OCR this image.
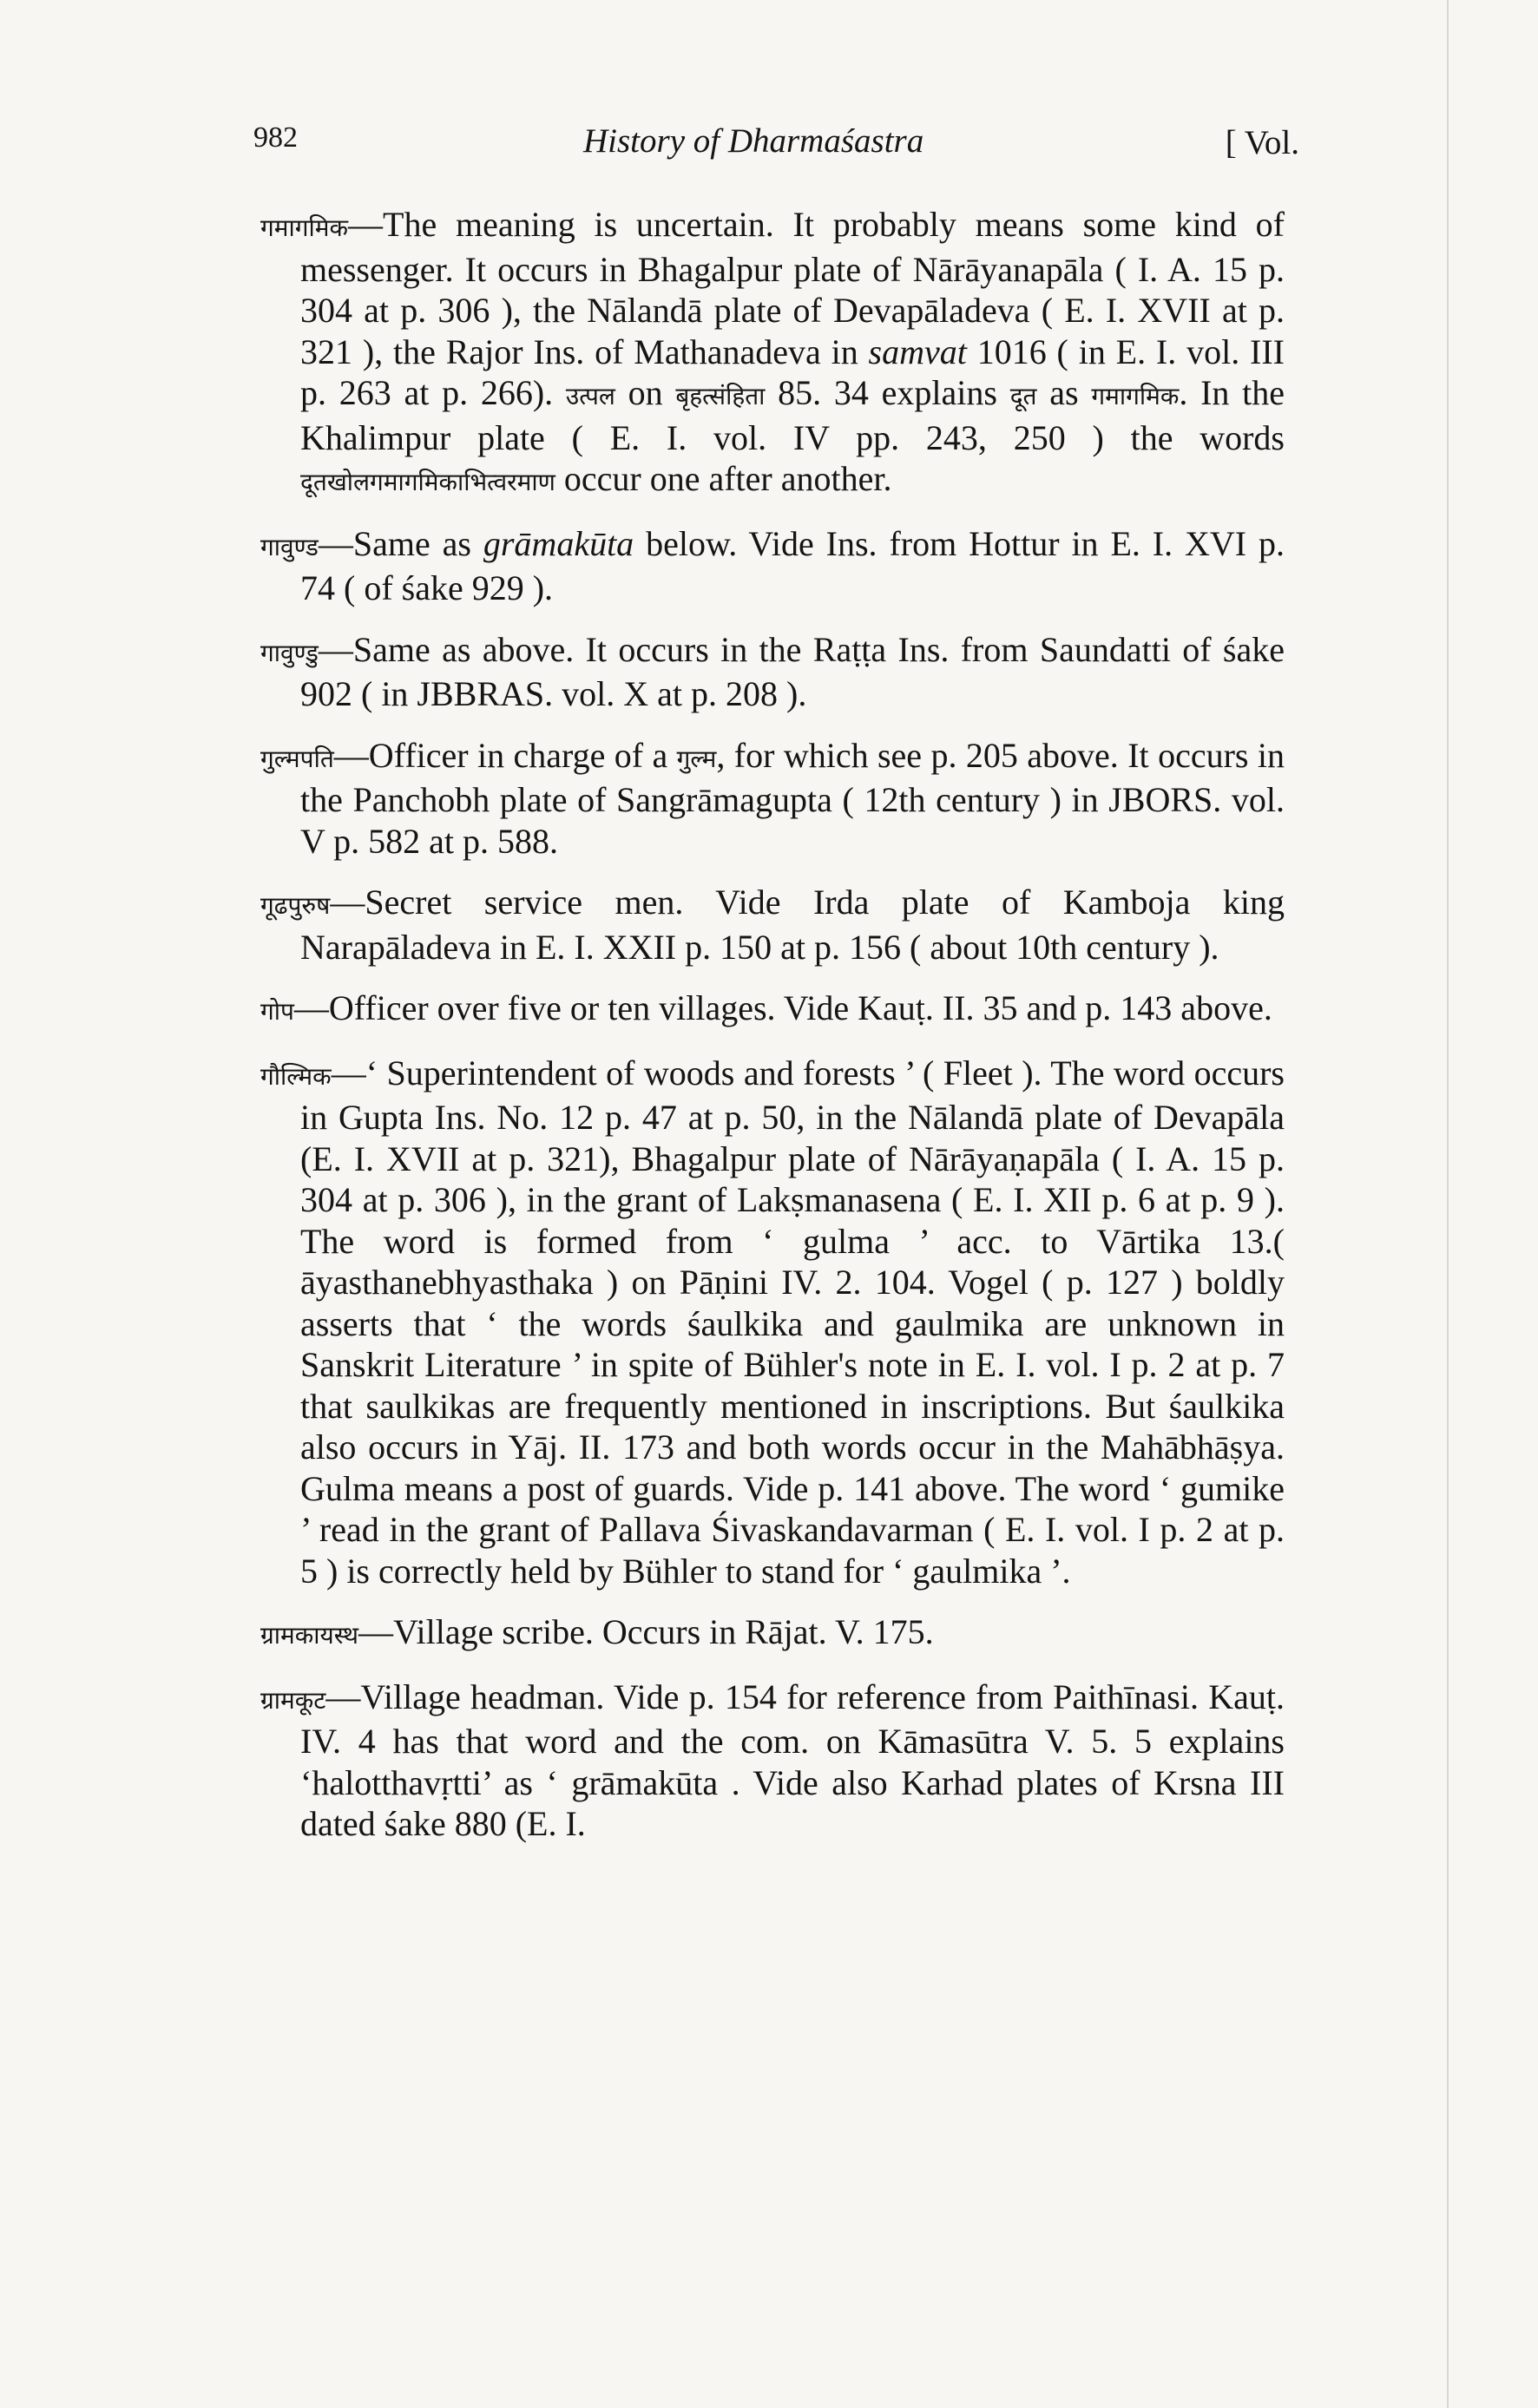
982	History of Dharmaśastra	[ Vol.

गमागमिक—The meaning is uncertain. It probably means some kind of messenger. It occurs in Bhagalpur plate of Nārāyanapāla ( I. A. 15 p. 304 at p. 306 ), the Nālandā plate of Devapāladeva ( E. I. XVII at p. 321 ), the Rajor Ins. of Mathanadeva in samvat 1016 ( in E. I. vol. III p. 263 at p. 266). उत्पल on बृहत्संहिता 85. 34 explains दूत as गमागमिक. In the Khalimpur plate ( E. I. vol. IV pp. 243, 250 ) the words दूतखोलगमागमिकाभित्वरमाण occur one after another.

गावुण्ड—Same as grāmakūta below. Vide Ins. from Hottur in E. I. XVI p. 74 ( of śake 929 ).

गावुण्डु—Same as above. It occurs in the Raṭṭa Ins. from Saundatti of śake 902 ( in JBBRAS. vol. X at p. 208 ).

गुल्मपति—Officer in charge of a गुल्म, for which see p. 205 above. It occurs in the Panchobh plate of Sangrāmagupta ( 12th century ) in JBORS. vol. V p. 582 at p. 588.

गूढपुरुष—Secret service men. Vide Irda plate of Kamboja king Narapāladeva in E. I. XXII p. 150 at p. 156 ( about 10th century ).

गोप—Officer over five or ten villages. Vide Kauṭ. II. 35 and p. 143 above.

गौल्मिक—‘ Superintendent of woods and forests ’ ( Fleet ). The word occurs in Gupta Ins. No. 12 p. 47 at p. 50, in the Nālandā plate of Devapāla (E. I. XVII at p. 321), Bhagalpur plate of Nārāyaṇapāla ( I. A. 15 p. 304 at p. 306 ), in the grant of Lakṣmanasena ( E. I. XII p. 6 at p. 9 ). The word is formed from ‘ gulma ’ acc. to Vārtika 13.( āyasthanebhyasthaka ) on Pāṇini IV. 2. 104. Vogel ( p. 127 ) boldly asserts that ‘ the words śaulkika and gaulmika are unknown in Sanskrit Literature ’ in spite of Bühler's note in E. I. vol. I p. 2 at p. 7 that saulkikas are frequently mentioned in inscriptions. But śaulkika also occurs in Yāj. II. 173 and both words occur in the Mahābhāṣya. Gulma means a post of guards. Vide p. 141 above. The word ‘ gumike ’ read in the grant of Pallava Śivaskandavarman ( E. I. vol. I p. 2 at p. 5 ) is correctly held by Bühler to stand for ‘ gaulmika ’.

ग्रामकायस्थ—Village scribe. Occurs in Rājat. V. 175.

ग्रामकूट—Village headman. Vide p. 154 for reference from Paithīnasi. Kauṭ. IV. 4 has that word and the com. on Kāmasūtra V. 5. 5 explains ‘halotthavṛtti’ as ‘ grāmakūta . Vide also Karhad plates of Krsna III dated śake 880 (E. I.
